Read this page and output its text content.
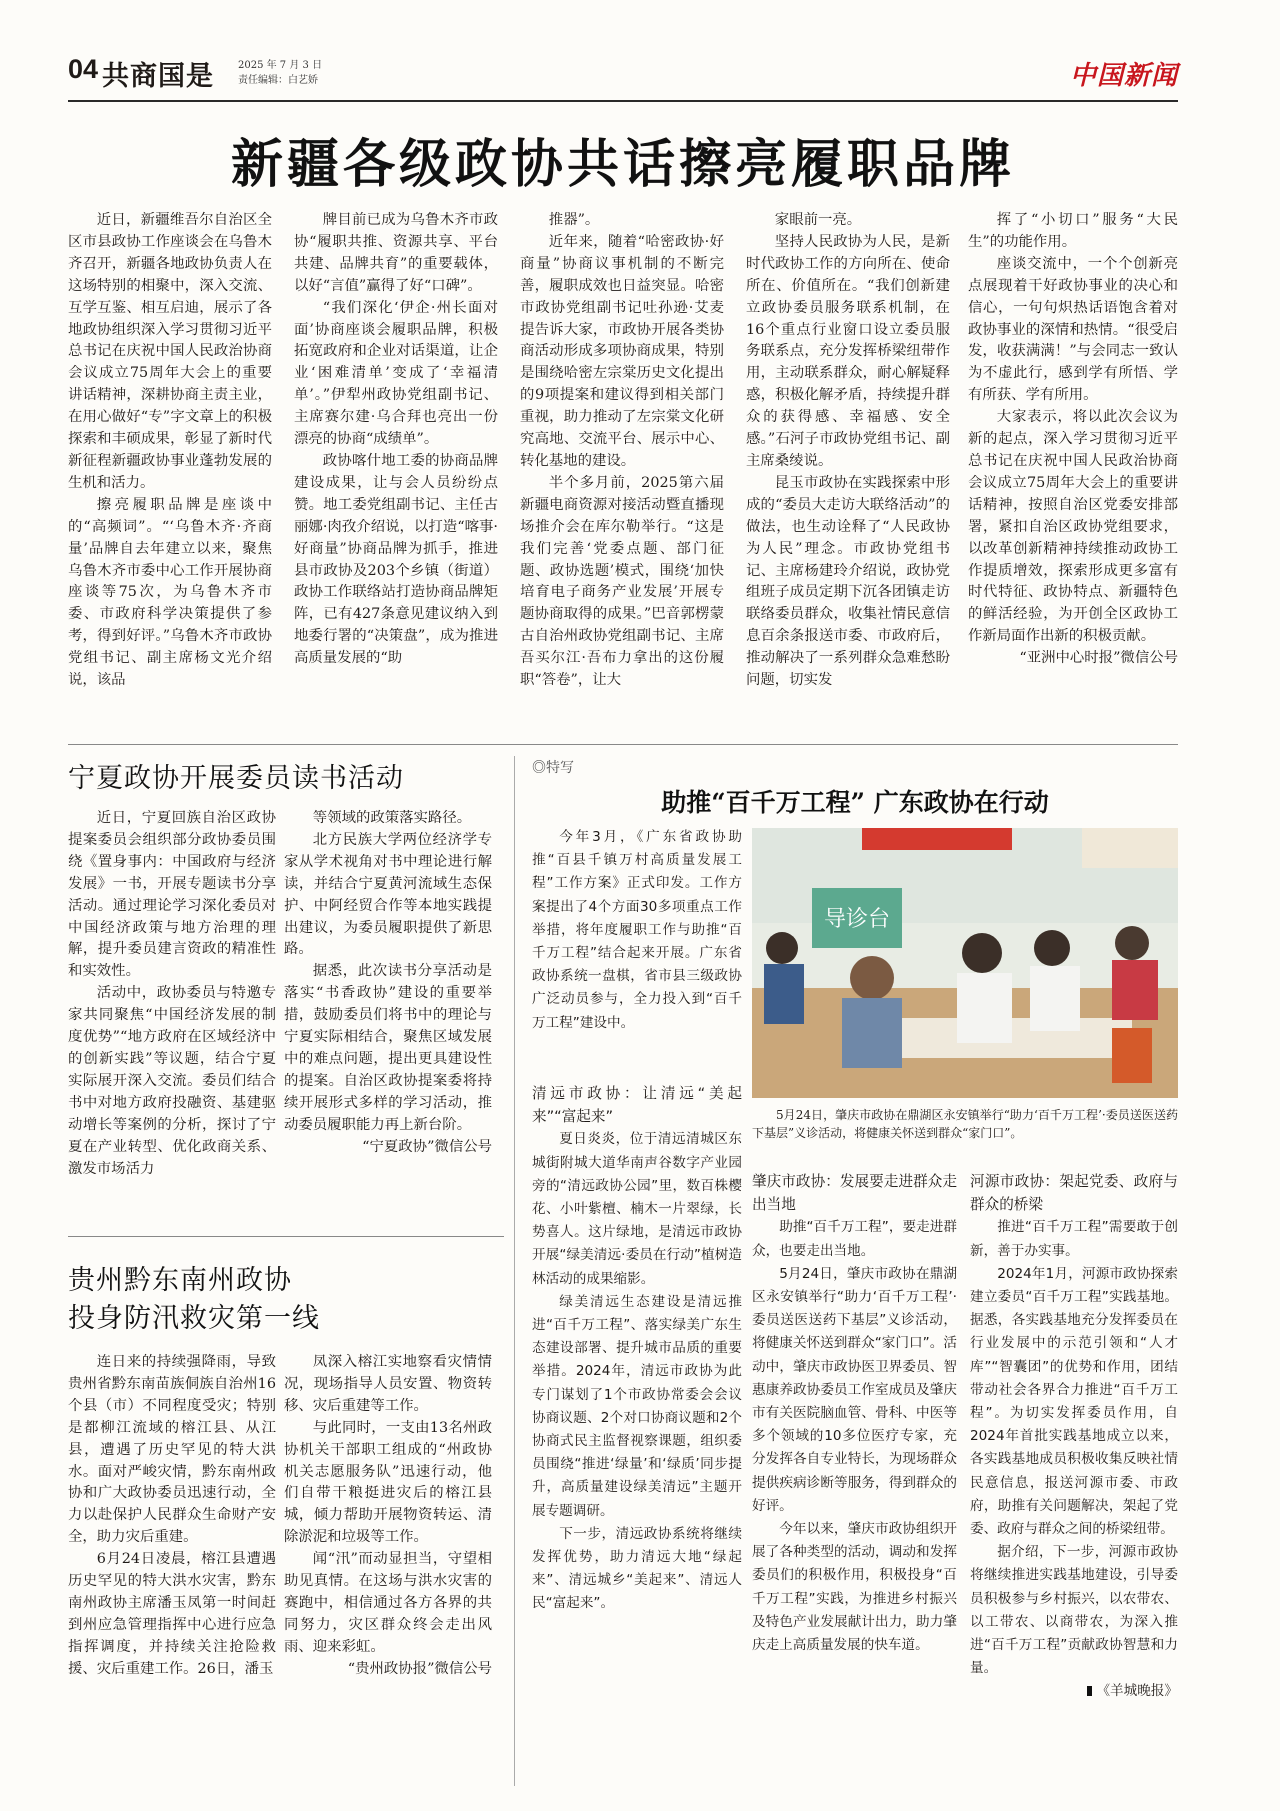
04 共商国是 2025 年 7 月 3 日
责任编辑：白艺娇	中国新闻
新疆各级政协共话擦亮履职品牌

近日，新疆维吾尔自治区全区市县政协工作座谈会在乌鲁木齐召开，新疆各地政协负责人在这场特别的相聚中，深入交流、互学互鉴、相互启迪，展示了各地政协组织深入学习贯彻习近平总书记在庆祝中国人民政治协商会议成立75周年大会上的重要讲话精神，深耕协商主责主业，在用心做好“专”字文章上的积极探索和丰硕成果，彰显了新时代新征程新疆政协事业蓬勃发展的生机和活力。

擦亮履职品牌是座谈中的“高频词”。“‘乌鲁木齐·齐商量’品牌自去年建立以来，聚焦乌鲁木齐市委中心工作开展协商座谈等75次，为乌鲁木齐市委、市政府科学决策提供了参考，得到好评。”乌鲁木齐市政协党组书记、副主席杨文光介绍说，该品

牌目前已成为乌鲁木齐市政协“履职共推、资源共享、平台共建、品牌共育”的重要载体，以好“言值”赢得了好“口碑”。

“我们深化‘伊企·州长面对面’协商座谈会履职品牌，积极拓宽政府和企业对话渠道，让企业‘困难清单’变成了‘幸福清单’。”伊犁州政协党组副书记、主席赛尔建·乌合拜也亮出一份漂亮的协商“成绩单”。

政协喀什地工委的协商品牌建设成果，让与会人员纷纷点赞。地工委党组副书记、主任古丽娜·肉孜介绍说，以打造“喀事·好商量”协商品牌为抓手，推进县市政协及203个乡镇（街道）政协工作联络站打造协商品牌矩阵，已有427条意见建议纳入到地委行署的“决策盘”，成为推进高质量发展的“助

推器”。

近年来，随着“哈密政协·好商量”协商议事机制的不断完善，履职成效也日益突显。哈密市政协党组副书记吐孙逊·艾麦提告诉大家，市政协开展各类协商活动形成多项协商成果，特别是围绕哈密左宗棠历史文化提出的9项提案和建议得到相关部门重视，助力推动了左宗棠文化研究高地、交流平台、展示中心、转化基地的建设。

半个多月前，2025第六届新疆电商资源对接活动暨直播现场推介会在库尔勒举行。“这是我们完善‘党委点题、部门征题、政协选题’模式，围绕‘加快培育电子商务产业发展’开展专题协商取得的成果。”巴音郭楞蒙古自治州政协党组副书记、主席吾买尔江·吾布力拿出的这份履职“答卷”，让大

家眼前一亮。

坚持人民政协为人民，是新时代政协工作的方向所在、使命所在、价值所在。“我们创新建立政协委员服务联系机制，在16个重点行业窗口设立委员服务联系点，充分发挥桥梁纽带作用，主动联系群众，耐心解疑释惑，积极化解矛盾，持续提升群众的获得感、幸福感、安全感。”石河子市政协党组书记、副主席桑绫说。

昆玉市政协在实践探索中形成的“委员大走访大联络活动”的做法，也生动诠释了“人民政协为人民”理念。市政协党组书记、主席杨建玲介绍说，政协党组班子成员定期下沉各团镇走访联络委员群众，收集社情民意信息百余条报送市委、市政府后，推动解决了一系列群众急难愁盼问题，切实发

挥了“小切口”服务“大民生”的功能作用。

座谈交流中，一个个创新亮点展现着干好政协事业的决心和信心，一句句炽热话语饱含着对政协事业的深情和热情。“很受启发，收获满满！”与会同志一致认为不虚此行，感到学有所悟、学有所获、学有所用。

大家表示，将以此次会议为新的起点，深入学习贯彻习近平总书记在庆祝中国人民政治协商会议成立75周年大会上的重要讲话精神，按照自治区党委安排部署，紧扣自治区政协党组要求，以改革创新精神持续推动政协工作提质增效，探索形成更多富有时代特征、政协特点、新疆特色的鲜活经验，为开创全区政协工作新局面作出新的积极贡献。

“亚洲中心时报”微信公号

宁夏政协开展委员读书活动

近日，宁夏回族自治区政协提案委员会组织部分政协委员围绕《置身事内：中国政府与经济发展》一书，开展专题读书分享活动。通过理论学习深化委员对中国经济政策与地方治理的理解，提升委员建言资政的精准性和实效性。

活动中，政协委员与特邀专家共同聚焦“中国经济发展的制度优势”“地方政府在区域经济中的创新实践”等议题，结合宁夏实际展开深入交流。委员们结合书中对地方政府投融资、基建驱动增长等案例的分析，探讨了宁夏在产业转型、优化政商关系、激发市场活力

等领域的政策落实路径。

北方民族大学两位经济学专家从学术视角对书中理论进行解读，并结合宁夏黄河流域生态保护、中阿经贸合作等本地实践提出建议，为委员履职提供了新思路。

据悉，此次读书分享活动是落实“书香政协”建设的重要举措，鼓励委员们将书中的理论与宁夏实际相结合，聚焦区域发展中的难点问题，提出更具建设性的提案。自治区政协提案委将持续开展形式多样的学习活动，推动委员履职能力再上新台阶。

“宁夏政协”微信公号

贵州黔东南州政协
投身防汛救灾第一线

连日来的持续强降雨，导致贵州省黔东南苗族侗族自治州16个县（市）不同程度受灾；特别是都柳江流域的榕江县、从江县，遭遇了历史罕见的特大洪水。面对严峻灾情，黔东南州政协和广大政协委员迅速行动，全力以赴保护人民群众生命财产安全，助力灾后重建。

6月24日凌晨，榕江县遭遇历史罕见的特大洪水灾害，黔东南州政协主席潘玉凤第一时间赶到州应急管理指挥中心进行应急指挥调度，并持续关注抢险救援、灾后重建工作。26日，潘玉

凤深入榕江实地察看灾情情况，现场指导人员安置、物资转移、灾后重建等工作。

与此同时，一支由13名州政协机关干部职工组成的“州政协机关志愿服务队”迅速行动，他们自带干粮挺进灾后的榕江县城，倾力帮助开展物资转运、清除淤泥和垃圾等工作。

闻“汛”而动显担当，守望相助见真情。在这场与洪水灾害的赛跑中，相信通过各方各界的共同努力，灾区群众终会走出风雨、迎来彩虹。

“贵州政协报”微信公号

◎特写
助推“百千万工程” 广东政协在行动

今年3月，《广东省政协助推“百县千镇万村高质量发展工程”工作方案》正式印发。工作方案提出了4个方面30多项重点工作举措，将年度履职工作与助推“百千万工程”结合起来开展。广东省政协系统一盘棋，省市县三级政协广泛动员参与，全力投入到“百千万工程”建设中。

导诊台

5月24日，肇庆市政协在鼎湖区永安镇举行“助力‘百千万工程’·委员送医送药下基层”义诊活动，将健康关怀送到群众“家门口”。

清远市政协：让清远“美起来”“富起来”

夏日炎炎，位于清远清城区东城街附城大道华南声谷数字产业园旁的“清远政协公园”里，数百株樱花、小叶紫檀、楠木一片翠绿，长势喜人。这片绿地，是清远市政协开展“绿美清远·委员在行动”植树造林活动的成果缩影。

绿美清远生态建设是清远推进“百千万工程”、落实绿美广东生态建设部署、提升城市品质的重要举措。2024年，清远市政协为此专门谋划了1个市政协常委会会议协商议题、2个对口协商议题和2个协商式民主监督视察课题，组织委员围绕“推进‘绿量’和‘绿质’同步提升，高质量建设绿美清远”主题开展专题调研。

下一步，清远政协系统将继续发挥优势，助力清远大地“绿起来”、清远城乡“美起来”、清远人民“富起来”。

肇庆市政协：发展要走进群众走出当地

助推“百千万工程”，要走进群众，也要走出当地。

5月24日，肇庆市政协在鼎湖区永安镇举行“助力‘百千万工程’·委员送医送药下基层”义诊活动，将健康关怀送到群众“家门口”。活动中，肇庆市政协医卫界委员、智惠康养政协委员工作室成员及肇庆市有关医院脑血管、骨科、中医等多个领域的10多位医疗专家，充分发挥各自专业特长，为现场群众提供疾病诊断等服务，得到群众的好评。

今年以来，肇庆市政协组织开展了各种类型的活动，调动和发挥委员们的积极作用，积极投身“百千万工程”实践，为推进乡村振兴及特色产业发展献计出力，助力肇庆走上高质量发展的快车道。

河源市政协：架起党委、政府与群众的桥梁

推进“百千万工程”需要敢于创新，善于办实事。

2024年1月，河源市政协探索建立委员“百千万工程”实践基地。据悉，各实践基地充分发挥委员在行业发展中的示范引领和“人才库”“智囊团”的优势和作用，团结带动社会各界合力推进“百千万工程”。为切实发挥委员作用，自2024年首批实践基地成立以来，各实践基地成员积极收集反映社情民意信息，报送河源市委、市政府，助推有关问题解决，架起了党委、政府与群众之间的桥梁纽带。

据介绍，下一步，河源市政协将继续推进实践基地建设，引导委员积极参与乡村振兴，以农带农、以工带农、以商带农，为深入推进“百千万工程”贡献政协智慧和力量。

《羊城晚报》
